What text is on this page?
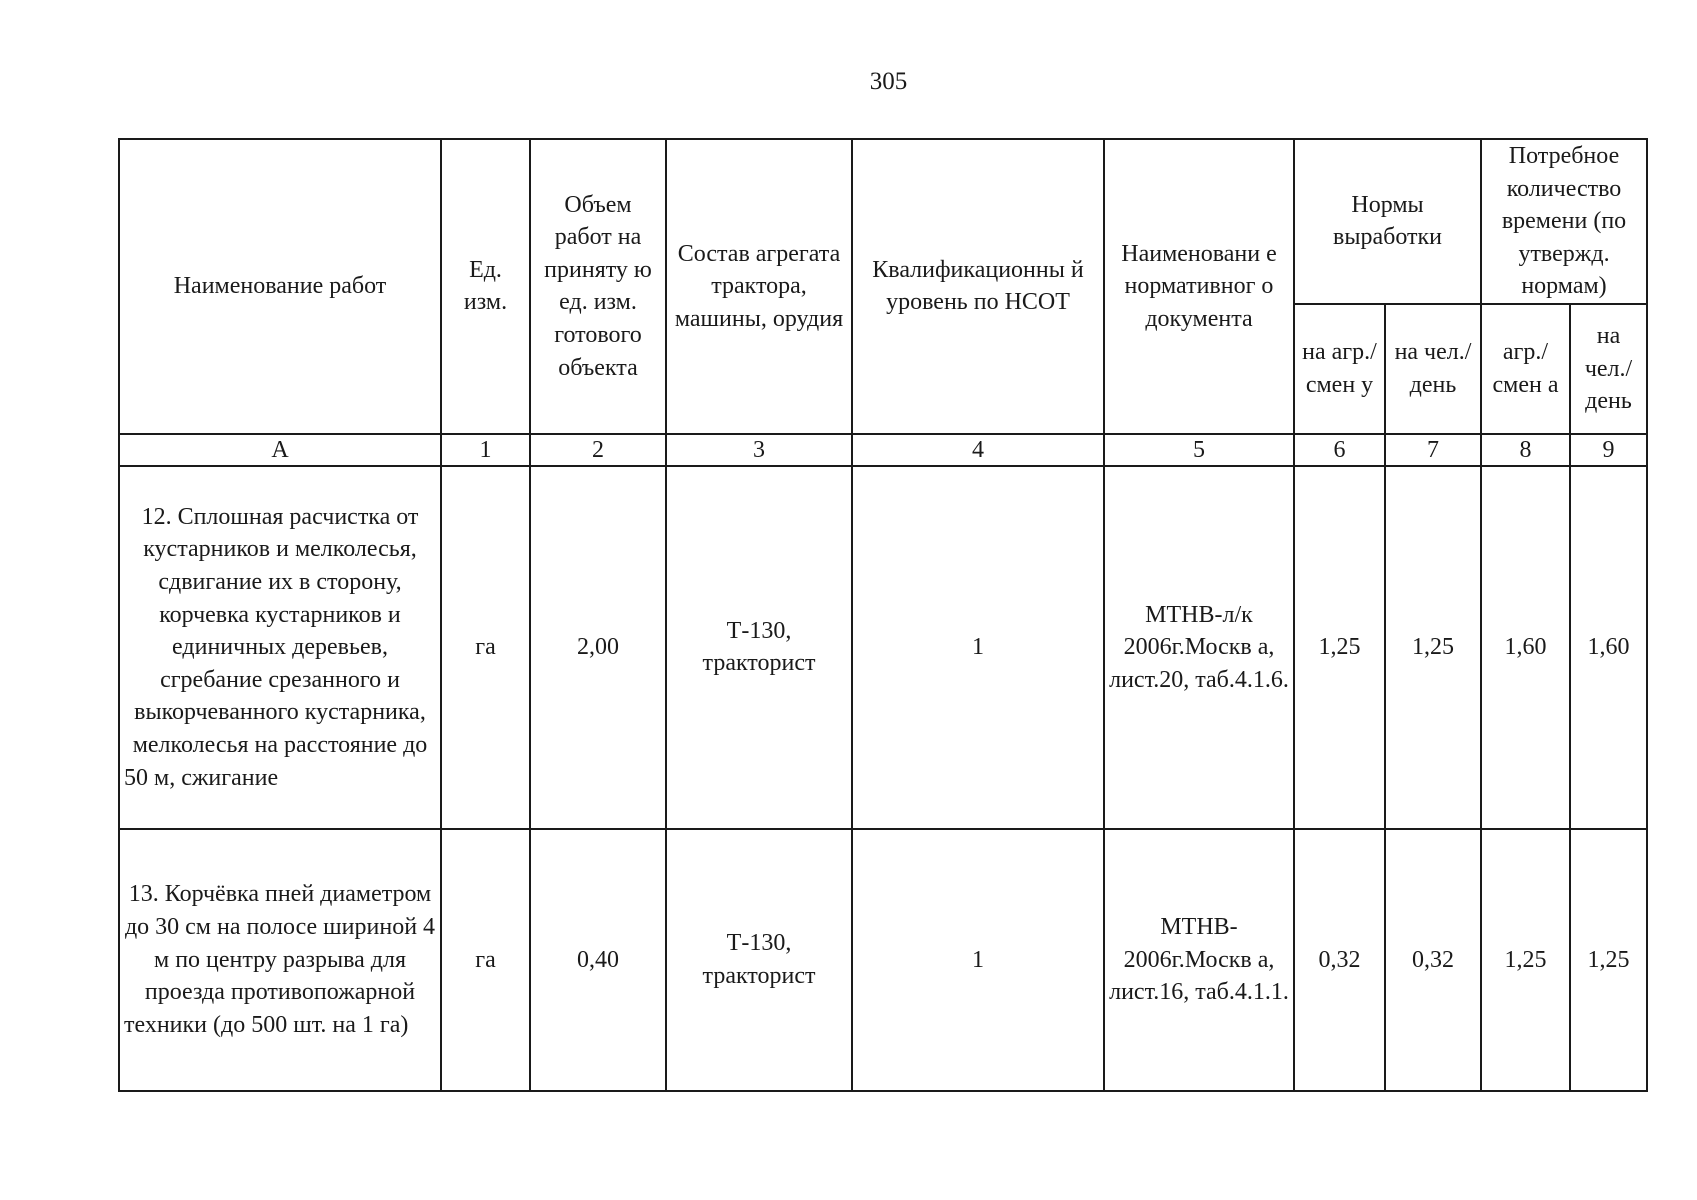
305
Наименование работ	Ед. изм.	Объем работ на приняту ю ед. изм. готового объекта	Состав агрегата трактора, машины, орудия	Квалификационны й уровень по НСОТ	Наименовани е нормативног о документа	Нормы выработки		Потребное количество времени (по утвержд. нормам)	
						на агр./ смен у	на чел./ день	агр./ смен а	на чел./ день
А	1	2	3	4	5	6	7	8	9
12. Сплошная расчистка от кустарников и мелколесья, сдвигание их в сторону, корчевка кустарников и единичных деревьев, сгребание срезанного и выкорчеванного кустарника, мелколесья на расстояние до 50 м, сжигание	га	2,00	Т-130, тракторист	1	МТНВ-л/к 2006г.Москв а, лист.20, таб.4.1.6.	1,25	1,25	1,60	1,60
13. Корчёвка пней диаметром до 30 см на полосе шириной 4 м по центру разрыва для проезда противопожарной техники (до 500 шт. на 1 га)	га	0,40	Т-130, тракторист	1	МТНВ- 2006г.Москв а, лист.16, таб.4.1.1.	0,32	0,32	1,25	1,25
